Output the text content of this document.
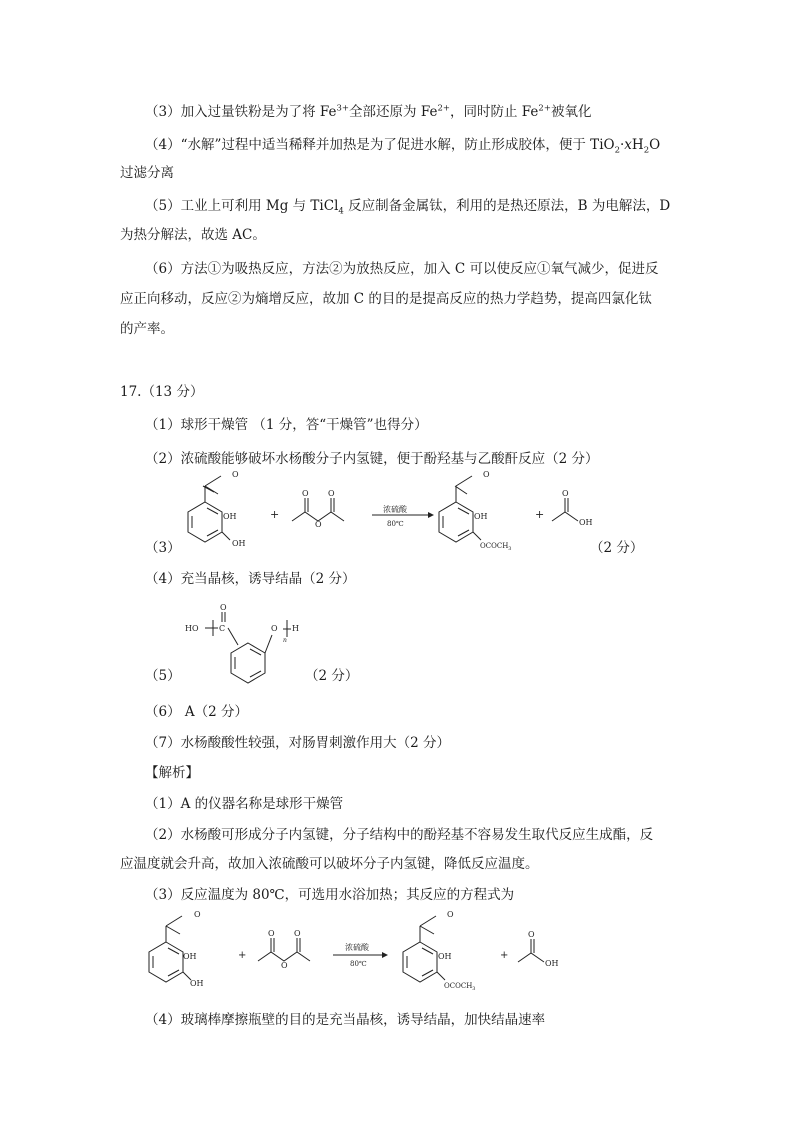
（3）加入过量铁粉是为了将 $Fe^{3+}$全部还原为 $Fe^{2+}$，同时防止 $Fe^{2+}$被氧化
（4）“水解”过程中适当稀释并加热是为了促进水解，防止形成胶体，便于 $TiO_2\cdot xH_2O$
过滤分离
（5）工业上可利用 Mg 与 TiCl$_4$ 反应制备金属钛，利用的是热还原法，B 为电解法，D
为热分解法，故选 AC。
（6）方法①为吸热反应，方法②为放热反应，加入 C 可以使反应①氧气减少，促进反
应正向移动，反应②为熵增反应，故加 C 的目的是提高反应的热力学趋势，提高四氯化钛
的产率。
17.（13 分）
（1）球形干燥管 （1 分，答“干燥管”也得分）
（2）浓硫酸能够破坏水杨酸分子内氢键，便于酚羟基与乙酸酐反应（2 分）
（3）
O
OH
OH
+
O O
O
浓硫酸
80℃
O
OH
$OCOCH_3$
+
O
OH
（2 分）
（4）充当晶核，诱导结晶（2 分）
HO	C
O
O
n
H
（5）	（2 分）
（6） A（2 分）
（7）水杨酸酸性较强，对肠胃刺激作用大（2 分）
【解析】
（1）A 的仪器名称是球形干燥管
（2）水杨酸可形成分子内氢键，分子结构中的酚羟基不容易发生取代反应生成酯，反
应温度就会升高，故加入浓硫酸可以破坏分子内氢键，降低反应温度。
（3）反应温度为 80℃，可选用水浴加热；其反应的方程式为
O
OH
OH
+
O O
O
浓硫酸
80℃
O
OH
$OCOCH_3$
+
O
OH
（4）玻璃棒摩擦瓶壁的目的是充当晶核，诱导结晶，加快结晶速率
